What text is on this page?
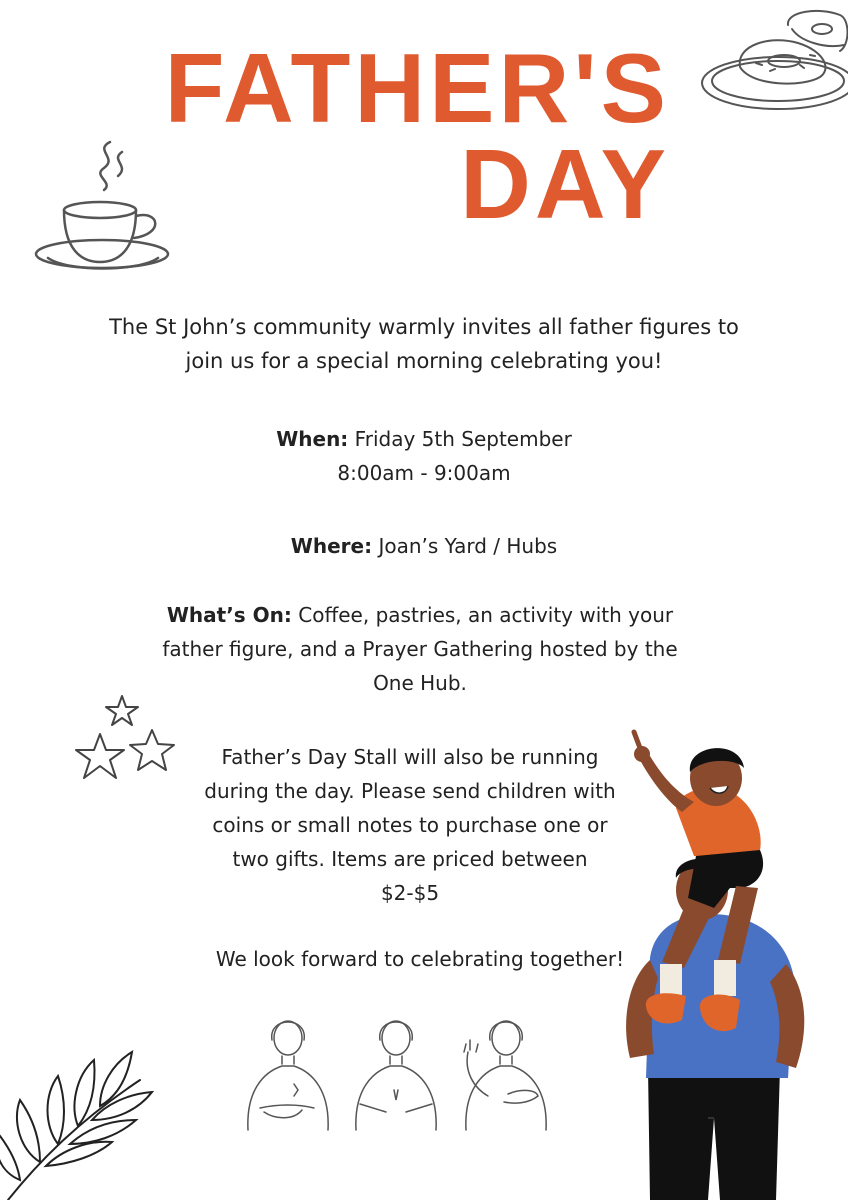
FATHER'S
DAY
The St John’s community warmly invites all father figures to
join us for a special morning celebrating you!
When: Friday 5th September
8:00am - 9:00am
Where: Joan’s Yard / Hubs
What’s On: Coffee, pastries, an activity with your
father figure, and a Prayer Gathering hosted by the
One Hub.
Father’s Day Stall will also be running
during the day. Please send children with
coins or small notes to purchase one or
two gifts. Items are priced between
$2-$5
We look forward to celebrating together!
